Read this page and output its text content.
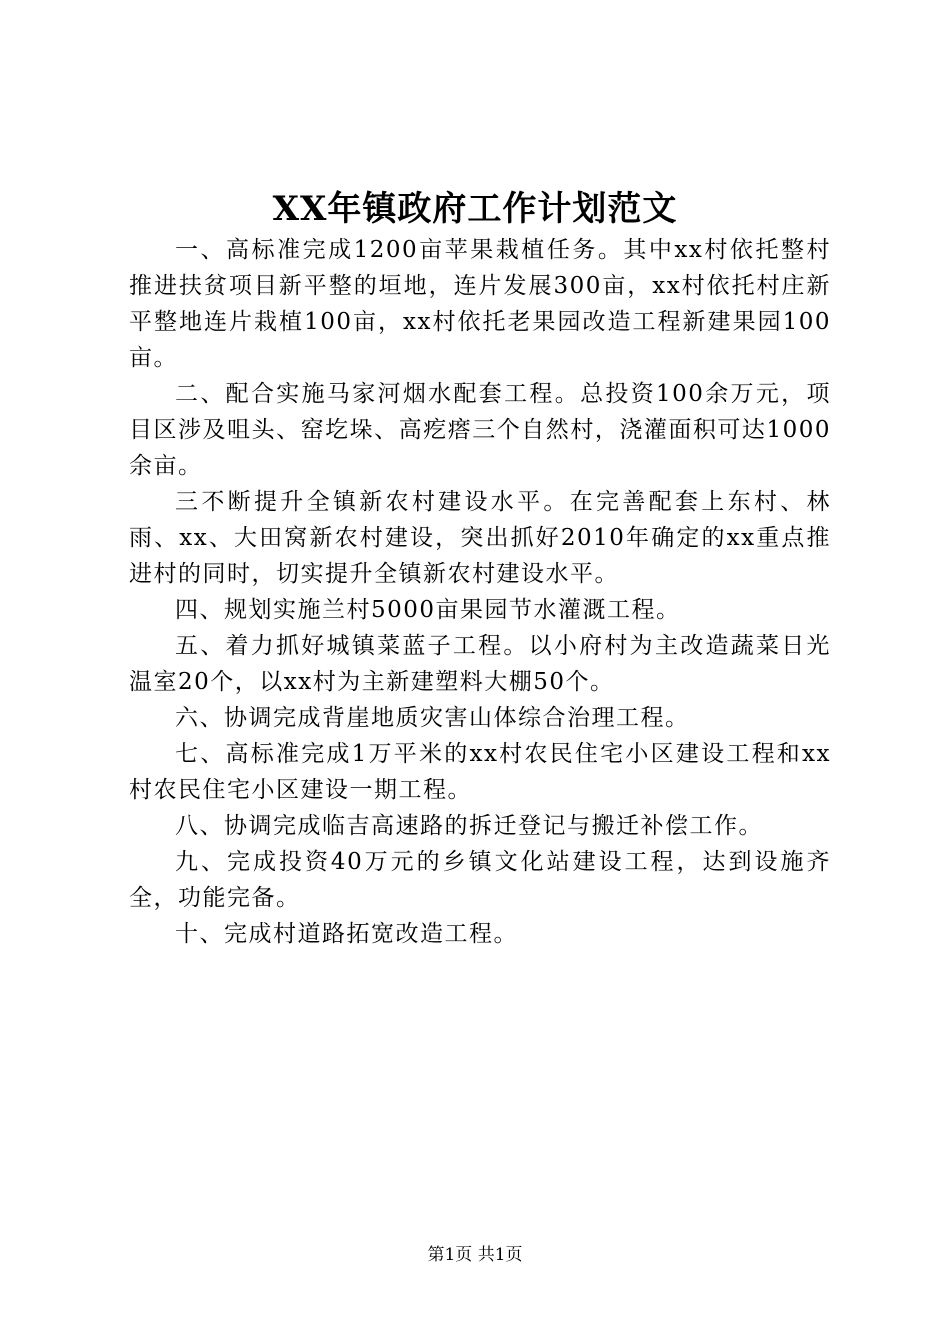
XX年镇政府工作计划范文

一、高标准完成1200亩苹果栽植任务。其中xx村依托整村推进扶贫项目新平整的垣地，连片发展300亩，xx村依托村庄新平整地连片栽植100亩，xx村依托老果园改造工程新建果园100亩。

二、配合实施马家河烟水配套工程。总投资100余万元，项目区涉及咀头、窑圪垛、高疙瘩三个自然村，浇灌面积可达1000余亩。

三不断提升全镇新农村建设水平。在完善配套上东村、林雨、xx、大田窝新农村建设，突出抓好2010年确定的xx重点推进村的同时，切实提升全镇新农村建设水平。

四、规划实施兰村5000亩果园节水灌溉工程。

五、着力抓好城镇菜蓝子工程。以小府村为主改造蔬菜日光温室20个，以xx村为主新建塑料大棚50个。

六、协调完成背崖地质灾害山体综合治理工程。

七、高标准完成1万平米的xx村农民住宅小区建设工程和xx村农民住宅小区建设一期工程。

八、协调完成临吉高速路的拆迁登记与搬迁补偿工作。

九、完成投资40万元的乡镇文化站建设工程，达到设施齐全，功能完备。

十、完成村道路拓宽改造工程。

第1页 共1页
